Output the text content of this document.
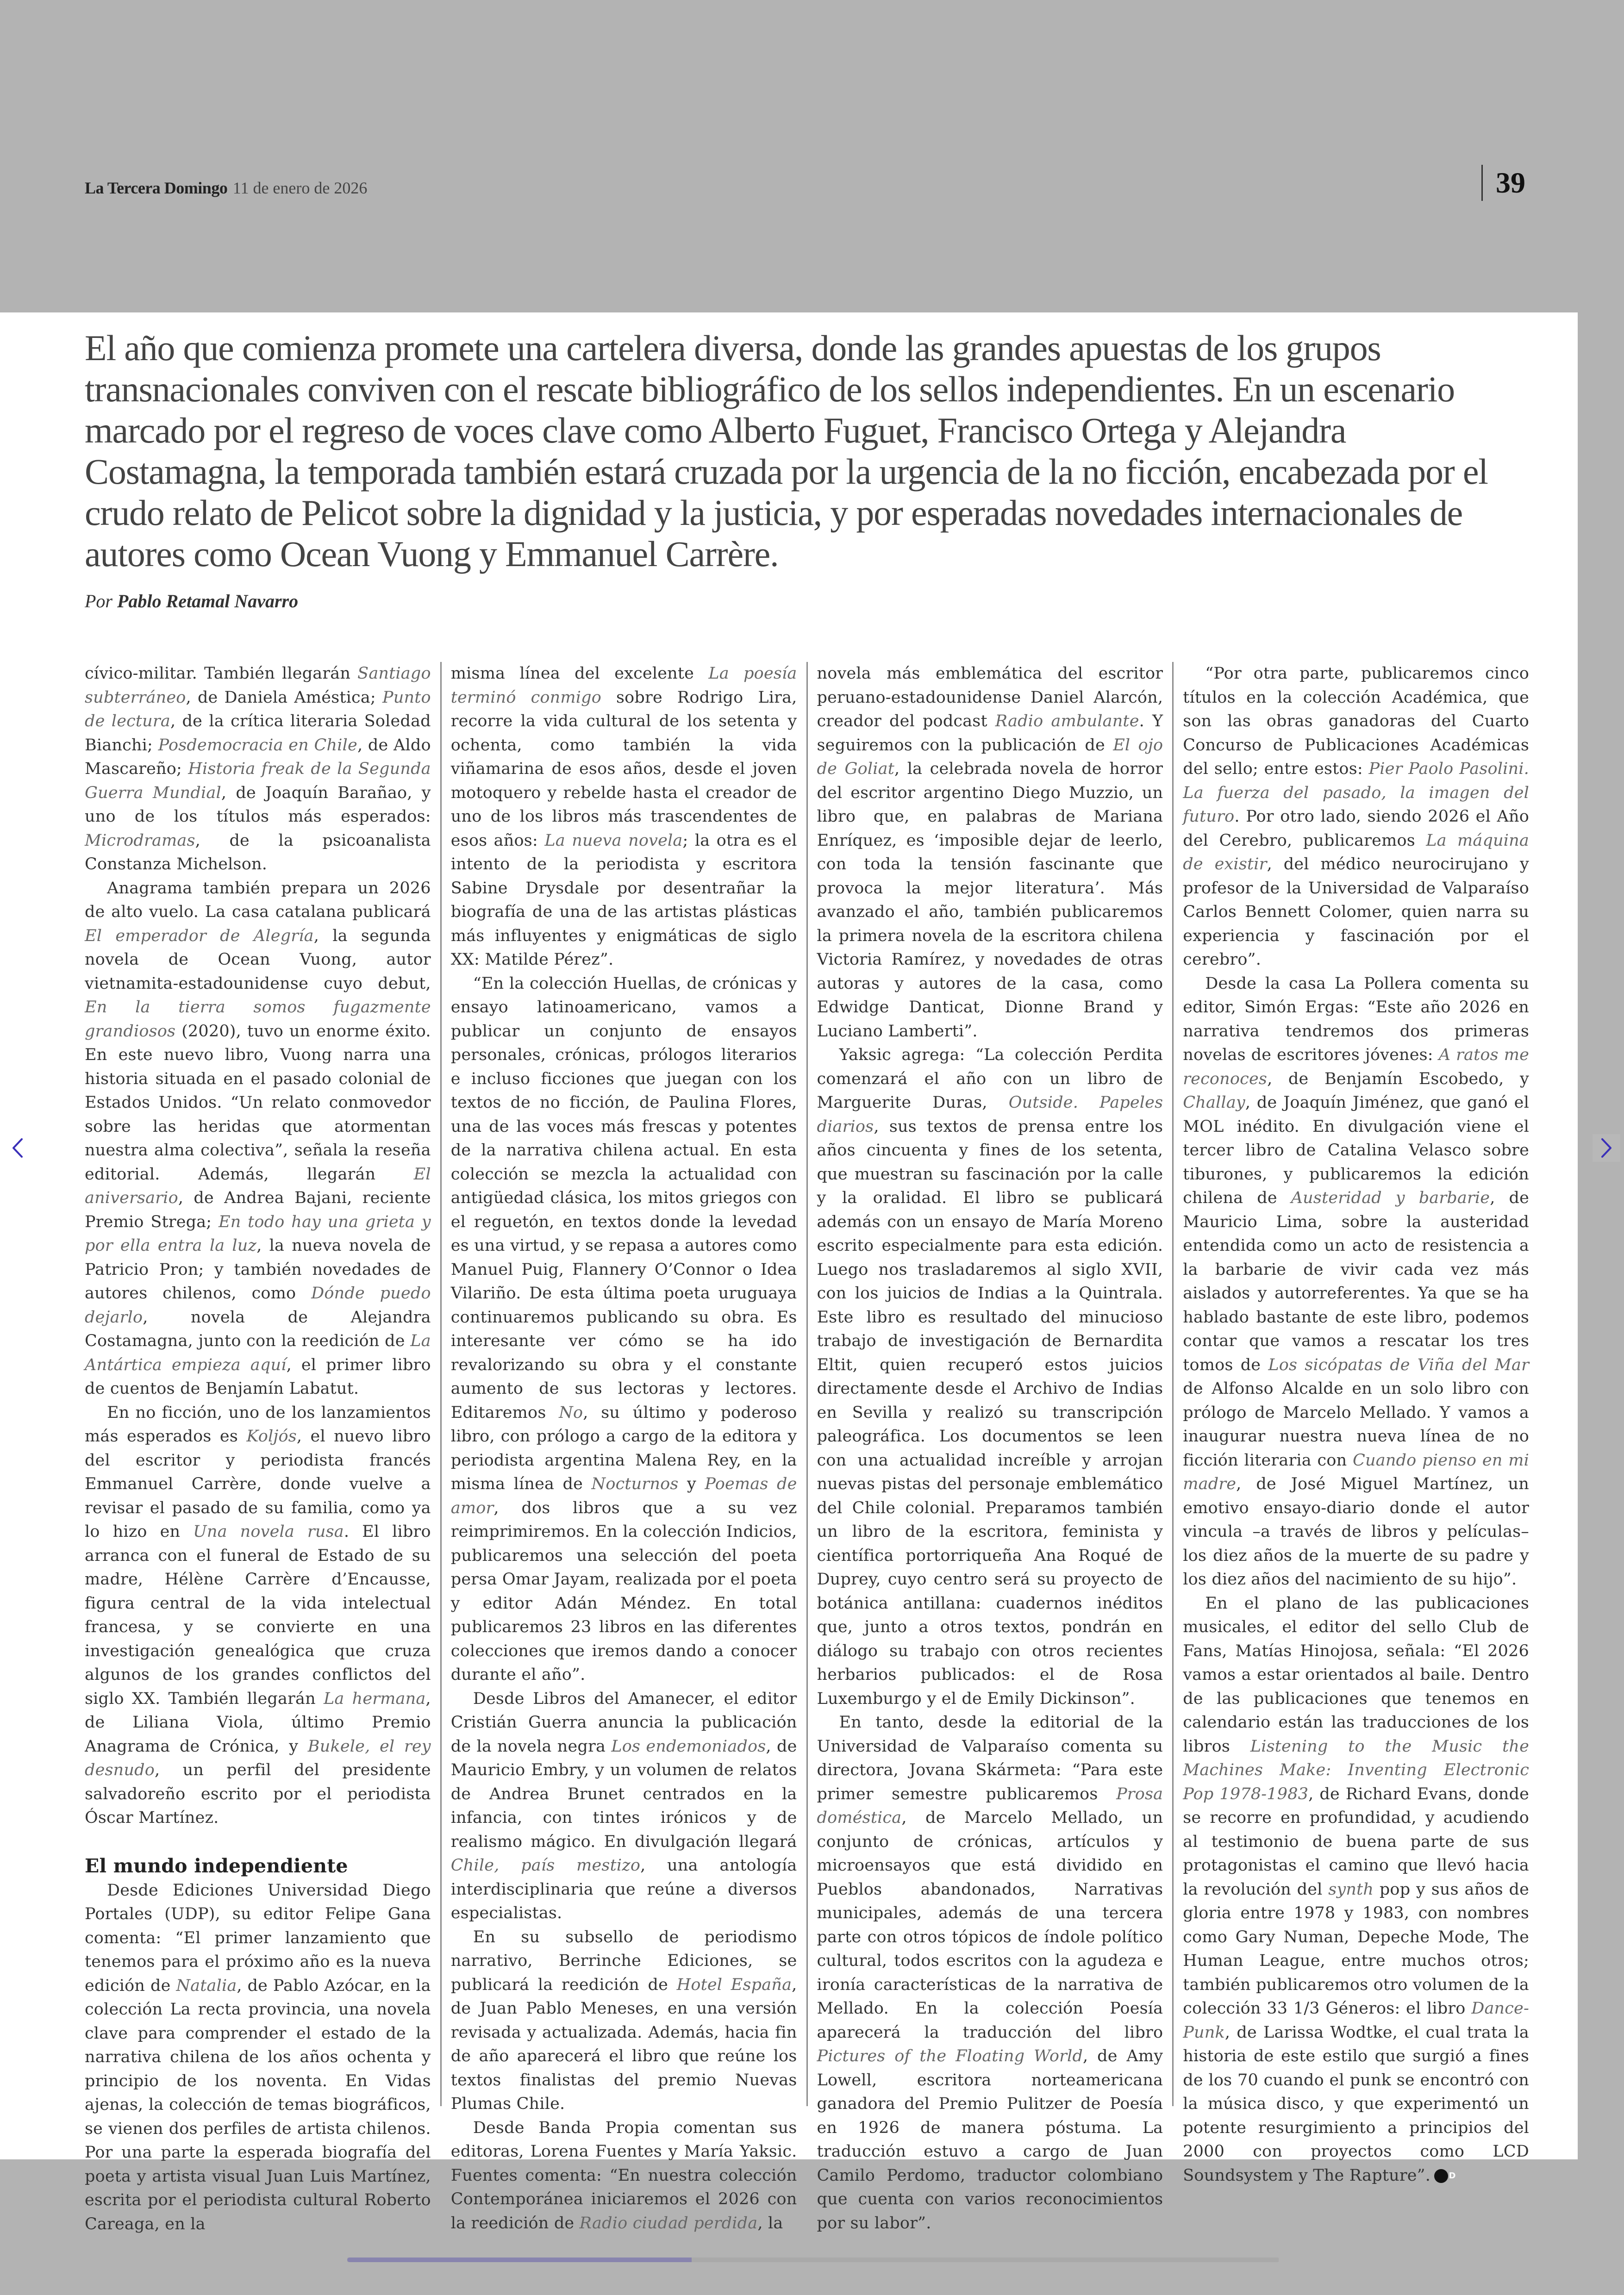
La Tercera Domingo 11 de enero de 2026	39
El año que comienza promete una cartelera diversa, donde las grandes apuestas de los grupos transnacionales conviven con el rescate bibliográfico de los sellos independientes. En un escenario marcado por el regreso de voces clave como Alberto Fuguet, Francisco Ortega y Alejandra Costamagna, la temporada también estará cruzada por la urgencia de la no ficción, encabezada por el crudo relato de Pelicot sobre la dignidad y la justicia, y por esperadas novedades internacionales de autores como Ocean Vuong y Emmanuel Carrère.
Por Pablo Retamal Navarro

cívico-militar. También llegarán Santiago subterráneo, de Daniela Améstica; Punto de lectura, de la crítica literaria Soledad Bianchi; Posdemocracia en Chile, de Aldo Mascareño; Historia freak de la Segunda Guerra Mundial, de Joaquín Barañao, y uno de los títulos más esperados: Microdramas, de la psicoanalista Constanza Michelson.

Anagrama también prepara un 2026 de alto vuelo. La casa catalana publicará El emperador de Alegría, la segunda novela de Ocean Vuong, autor vietnamita-estadounidense cuyo debut, En la tierra somos fugazmente grandiosos (2020), tuvo un enorme éxito. En este nuevo libro, Vuong narra una historia situada en el pasado colonial de Estados Unidos. “Un relato conmovedor sobre las heridas que atormentan nuestra alma colectiva”, señala la reseña editorial. Además, llegarán El aniversario, de Andrea Bajani, reciente Premio Strega; En todo hay una grieta y por ella entra la luz, la nueva novela de Patricio Pron; y también novedades de autores chilenos, como Dónde puedo dejarlo, novela de Alejandra Costamagna, junto con la reedición de La Antártica empieza aquí, el primer libro de cuentos de Benjamín Labatut.

En no ficción, uno de los lanzamientos más esperados es Koljós, el nuevo libro del escritor y periodista francés Emmanuel Carrère, donde vuelve a revisar el pasado de su familia, como ya lo hizo en Una novela rusa. El libro arranca con el funeral de Estado de su madre, Hélène Carrère d’Encausse, figura central de la vida intelectual francesa, y se convierte en una investigación genealógica que cruza algunos de los grandes conflictos del siglo XX. También llegarán La hermana, de Liliana Viola, último Premio Anagrama de Crónica, y Bukele, el rey desnudo, un perfil del presidente salvadoreño escrito por el periodista Óscar Martínez.

El mundo independiente

Desde Ediciones Universidad Diego Portales (UDP), su editor Felipe Gana comenta: “El primer lanzamiento que tenemos para el próximo año es la nueva edición de Natalia, de Pablo Azócar, en la colección La recta provincia, una novela clave para comprender el estado de la narrativa chilena de los años ochenta y principio de los noventa. En Vidas ajenas, la colección de temas biográficos, se vienen dos perfiles de artista chilenos. Por una parte la esperada biografía del poeta y artista visual Juan Luis Martínez, escrita por el periodista cultural Roberto Careaga, en la

misma línea del excelente La poesía terminó conmigo sobre Rodrigo Lira, recorre la vida cultural de los setenta y ochenta, como también la vida viñamarina de esos años, desde el joven motoquero y rebelde hasta el creador de uno de los libros más trascendentes de esos años: La nueva novela; la otra es el intento de la periodista y escritora Sabine Drysdale por desentrañar la biografía de una de las artistas plásticas más influyentes y enigmáticas de siglo XX: Matilde Pérez”.

“En la colección Huellas, de crónicas y ensayo latinoamericano, vamos a publicar un conjunto de ensayos personales, crónicas, prólogos literarios e incluso ficciones que juegan con los textos de no ficción, de Paulina Flores, una de las voces más frescas y potentes de la narrativa chilena actual. En esta colección se mezcla la actualidad con antigüedad clásica, los mitos griegos con el reguetón, en textos donde la levedad es una virtud, y se repasa a autores como Manuel Puig, Flannery O’Connor o Idea Vilariño. De esta última poeta uruguaya continuaremos publicando su obra. Es interesante ver cómo se ha ido revalorizando su obra y el constante aumento de sus lectoras y lectores. Editaremos No, su último y poderoso libro, con prólogo a cargo de la editora y periodista argentina Malena Rey, en la misma línea de Nocturnos y Poemas de amor, dos libros que a su vez reimprimiremos. En la colección Indicios, publicaremos una selección del poeta persa Omar Jayam, realizada por el poeta y editor Adán Méndez. En total publicaremos 23 libros en las diferentes colecciones que iremos dando a conocer durante el año”.

Desde Libros del Amanecer, el editor Cristián Guerra anuncia la publicación de la novela negra Los endemoniados, de Mauricio Embry, y un volumen de relatos de Andrea Brunet centrados en la infancia, con tintes irónicos y de realismo mágico. En divulgación llegará Chile, país mestizo, una antología interdisciplinaria que reúne a diversos especialistas.

En su subsello de periodismo narrativo, Berrinche Ediciones, se publicará la reedición de Hotel España, de Juan Pablo Meneses, en una versión revisada y actualizada. Además, hacia fin de año aparecerá el libro que reúne los textos finalistas del premio Nuevas Plumas Chile.

Desde Banda Propia comentan sus editoras, Lorena Fuentes y María Yaksic. Fuentes comenta: “En nuestra colección Contemporánea iniciaremos el 2026 con la reedición de Radio ciudad perdida, la

novela más emblemática del escritor peruano-estadounidense Daniel Alarcón, creador del podcast Radio ambulante. Y seguiremos con la publicación de El ojo de Goliat, la celebrada novela de horror del escritor argentino Diego Muzzio, un libro que, en palabras de Mariana Enríquez, es ‘imposible dejar de leerlo, con toda la tensión fascinante que provoca la mejor literatura’. Más avanzado el año, también publicaremos la primera novela de la escritora chilena Victoria Ramírez, y novedades de otras autoras y autores de la casa, como Edwidge Danticat, Dionne Brand y Luciano Lamberti”.

Yaksic agrega: “La colección Perdita comenzará el año con un libro de Marguerite Duras, Outside. Papeles diarios, sus textos de prensa entre los años cincuenta y fines de los setenta, que muestran su fascinación por la calle y la oralidad. El libro se publicará además con un ensayo de María Moreno escrito especialmente para esta edición. Luego nos trasladaremos al siglo XVII, con los juicios de Indias a la Quintrala. Este libro es resultado del minucioso trabajo de investigación de Bernardita Eltit, quien recuperó estos juicios directamente desde el Archivo de Indias en Sevilla y realizó su transcripción paleográfica. Los documentos se leen con una actualidad increíble y arrojan nuevas pistas del personaje emblemático del Chile colonial. Preparamos también un libro de la escritora, feminista y científica portorriqueña Ana Roqué de Duprey, cuyo centro será su proyecto de botánica antillana: cuadernos inéditos que, junto a otros textos, pondrán en diálogo su trabajo con otros recientes herbarios publicados: el de Rosa Luxemburgo y el de Emily Dickinson”.

En tanto, desde la editorial de la Universidad de Valparaíso comenta su directora, Jovana Skármeta: “Para este primer semestre publicaremos Prosa doméstica, de Marcelo Mellado, un conjunto de crónicas, artículos y microensayos que está dividido en Pueblos abandonados, Narrativas municipales, además de una tercera parte con otros tópicos de índole político cultural, todos escritos con la agudeza e ironía características de la narrativa de Mellado. En la colección Poesía aparecerá la traducción del libro Pictures of the Floating World, de Amy Lowell, escritora norteamericana ganadora del Premio Pulitzer de Poesía en 1926 de manera póstuma. La traducción estuvo a cargo de Juan Camilo Perdomo, traductor colombiano que cuenta con varios reconocimientos por su labor”.

“Por otra parte, publicaremos cinco títulos en la colección Académica, que son las obras ganadoras del Cuarto Concurso de Publicaciones Académicas del sello; entre estos: Pier Paolo Pasolini. La fuerza del pasado, la imagen del futuro. Por otro lado, siendo 2026 el Año del Cerebro, publicaremos La máquina de existir, del médico neurocirujano y profesor de la Universidad de Valparaíso Carlos Bennett Colomer, quien narra su experiencia y fascinación por el cerebro”.

Desde la casa La Pollera comenta su editor, Simón Ergas: “Este año 2026 en narrativa tendremos dos primeras novelas de escritores jóvenes: A ratos me reconoces, de Benjamín Escobedo, y Challay, de Joaquín Jiménez, que ganó el MOL inédito. En divulgación viene el tercer libro de Catalina Velasco sobre tiburones, y publicaremos la edición chilena de Austeridad y barbarie, de Mauricio Lima, sobre la austeridad entendida como un acto de resistencia a la barbarie de vivir cada vez más aislados y autorreferentes. Ya que se ha hablado bastante de este libro, podemos contar que vamos a rescatar los tres tomos de Los sicópatas de Viña del Mar de Alfonso Alcalde en un solo libro con prólogo de Marcelo Mellado. Y vamos a inaugurar nuestra nueva línea de no ficción literaria con Cuando pienso en mi madre, de José Miguel Martínez, un emotivo ensayo-diario donde el autor vincula –a través de libros y películas– los diez años de la muerte de su padre y los diez años del nacimiento de su hijo”.

En el plano de las publicaciones musicales, el editor del sello Club de Fans, Matías Hinojosa, señala: “El 2026 vamos a estar orientados al baile. Dentro de las publicaciones que tenemos en calendario están las traducciones de los libros Listening to the Music the Machines Make: Inventing Electronic Pop 1978-1983, de Richard Evans, donde se recorre en profundidad, y acudiendo al testimonio de buena parte de sus protagonistas el camino que llevó hacia la revolución del synth pop y sus años de gloria entre 1978 y 1983, con nombres como Gary Numan, Depeche Mode, The Human League, entre muchos otros; también publicaremos otro volumen de la colección 33 1/3 Géneros: el libro Dance-Punk, de Larissa Wodtke, el cual trata la historia de este estilo que surgió a fines de los 70 cuando el punk se encontró con la música disco, y que experimentó un potente resurgimiento a principios del 2000 con proyectos como LCD Soundsystem y The Rapture”. D
